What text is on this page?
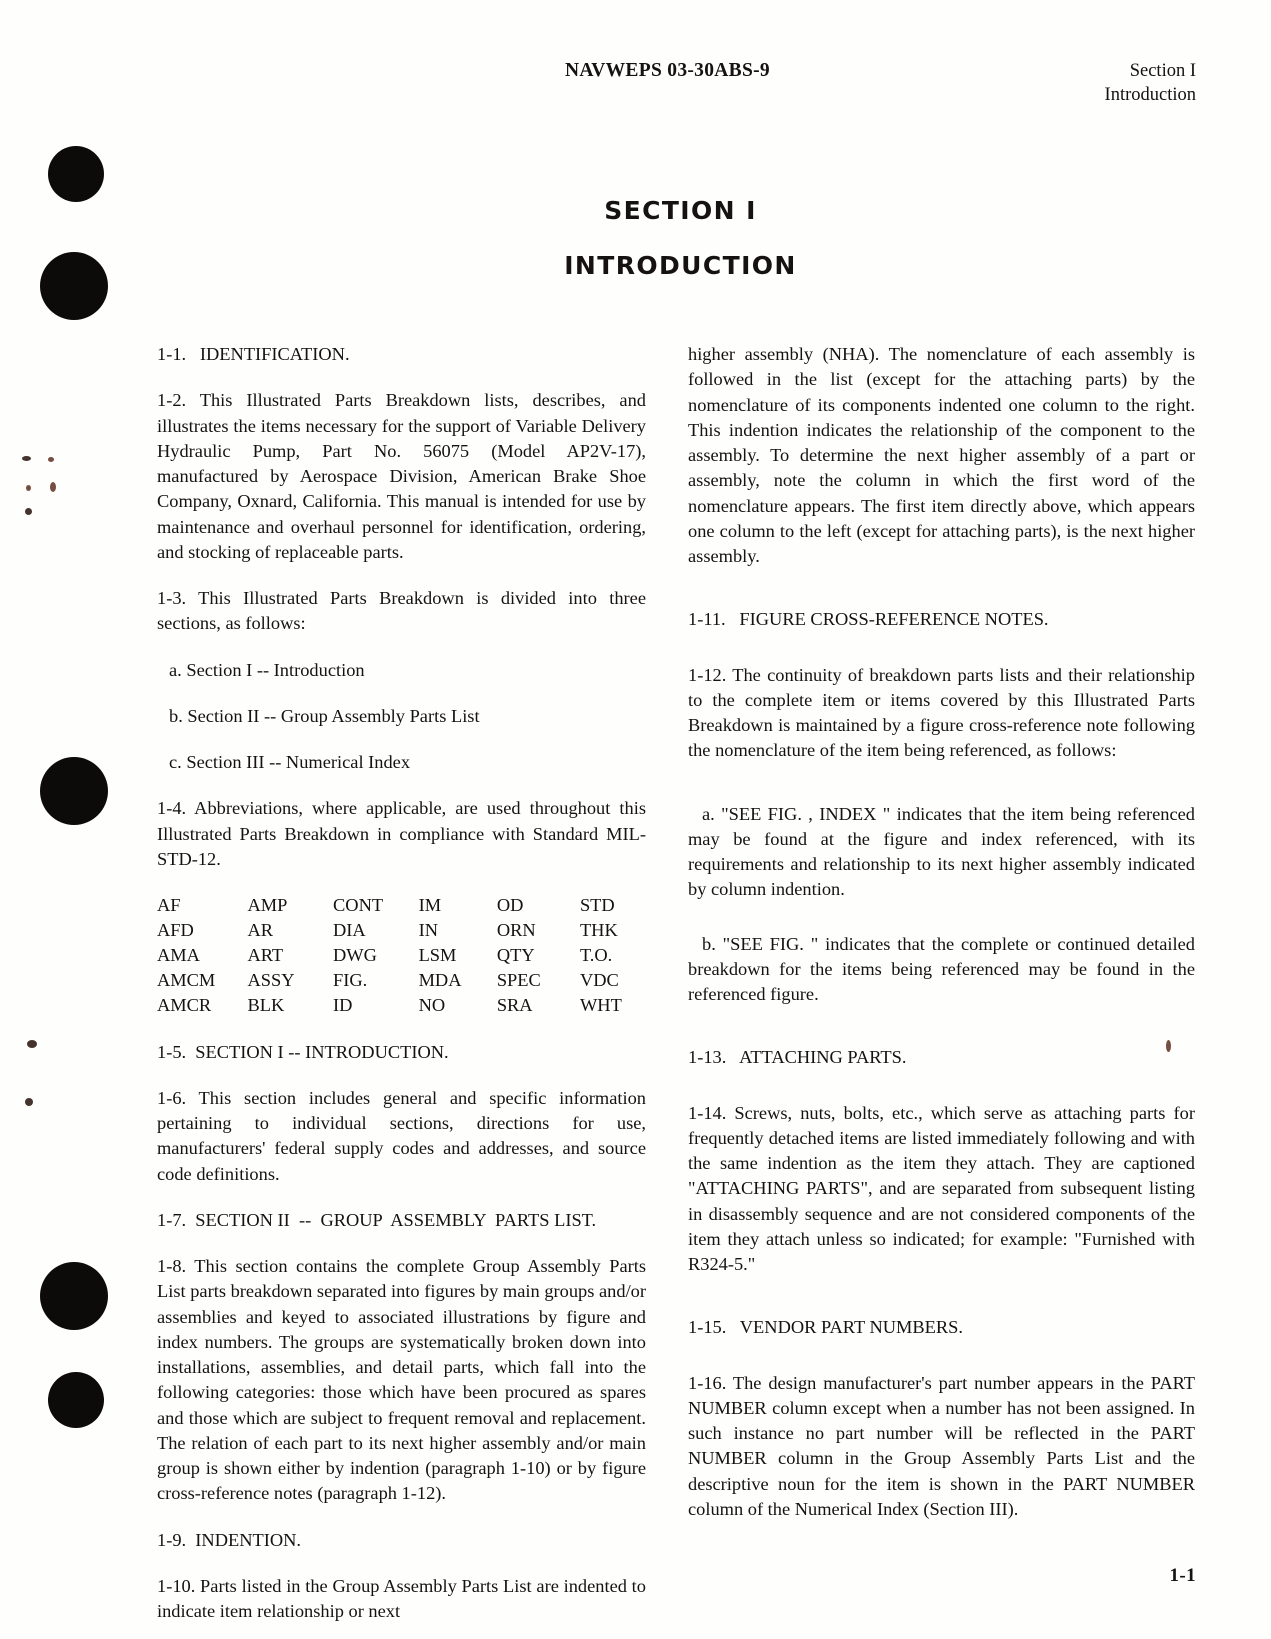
NAVWEPS 03-30ABS-9	Section I
Introduction
SECTION I
INTRODUCTION

1-1.   IDENTIFICATION.

1-2. This Illustrated Parts Breakdown lists, describes, and illustrates the items necessary for the support of Variable Delivery Hydraulic Pump, Part No. 56075 (Model AP2V-17), manufactured by Aerospace Division, American Brake Shoe Company, Oxnard, California. This manual is intended for use by maintenance and overhaul personnel for identification, ordering, and stocking of replaceable parts.

1-3. This Illustrated Parts Breakdown is divided into three sections, as follows:

a. Section I -- Introduction

b. Section II -- Group Assembly Parts List

c. Section III -- Numerical Index

1-4. Abbreviations, where applicable, are used throughout this Illustrated Parts Breakdown in compliance with Standard MIL-STD-12.

AF	AMP	CONT	IM	OD	STD
AFD	AR	DIA	IN	ORN	THK
AMA	ART	DWG	LSM	QTY	T.O.
AMCM	ASSY	FIG.	MDA	SPEC	VDC
AMCR	BLK	ID	NO	SRA	WHT

1-5.  SECTION I -- INTRODUCTION.

1-6. This section includes general and specific information pertaining to individual sections, directions for use, manufacturers' federal supply codes and addresses, and source code definitions.

1-7.  SECTION II  --  GROUP  ASSEMBLY  PARTS LIST.

1-8. This section contains the complete Group Assembly Parts List parts breakdown separated into figures by main groups and/or assemblies and keyed to associated illustrations by figure and index numbers. The groups are systematically broken down into installations, assemblies, and detail parts, which fall into the following categories: those which have been procured as spares and those which are subject to frequent removal and replacement. The relation of each part to its next higher assembly and/or main group is shown either by indention (paragraph 1-10) or by figure cross-reference notes (paragraph 1-12).

1-9.  INDENTION.

1-10. Parts listed in the Group Assembly Parts List are indented to indicate item relationship or next

higher assembly (NHA). The nomenclature of each assembly is followed in the list (except for the attaching parts) by the nomenclature of its components indented one column to the right. This indention indicates the relationship of the component to the assembly. To determine the next higher assembly of a part or assembly, note the column in which the first word of the nomenclature appears. The first item directly above, which appears one column to the left (except for attaching parts), is the next higher assembly.

1-11.   FIGURE CROSS-REFERENCE NOTES.

1-12. The continuity of breakdown parts lists and their relationship to the complete item or items covered by this Illustrated Parts Breakdown is maintained by a figure cross-reference note following the nomenclature of the item being referenced, as follows:

a. "SEE FIG. , INDEX " indicates that the item being referenced may be found at the figure and index referenced, with its requirements and relationship to its next higher assembly indicated by column indention.

b. "SEE FIG. " indicates that the complete or continued detailed breakdown for the items being referenced may be found in the referenced figure.

1-13.   ATTACHING PARTS.

1-14. Screws, nuts, bolts, etc., which serve as attaching parts for frequently detached items are listed immediately following and with the same indention as the item they attach. They are captioned "ATTACHING PARTS", and are separated from subsequent listing in disassembly sequence and are not considered components of the item they attach unless so indicated; for example: "Furnished with R324-5."

1-15.   VENDOR PART NUMBERS.

1-16. The design manufacturer's part number appears in the PART NUMBER column except when a number has not been assigned. In such instance no part number will be reflected in the PART NUMBER column in the Group Assembly Parts List and the descriptive noun for the item is shown in the PART NUMBER column of the Numerical Index (Section III).

1-1
